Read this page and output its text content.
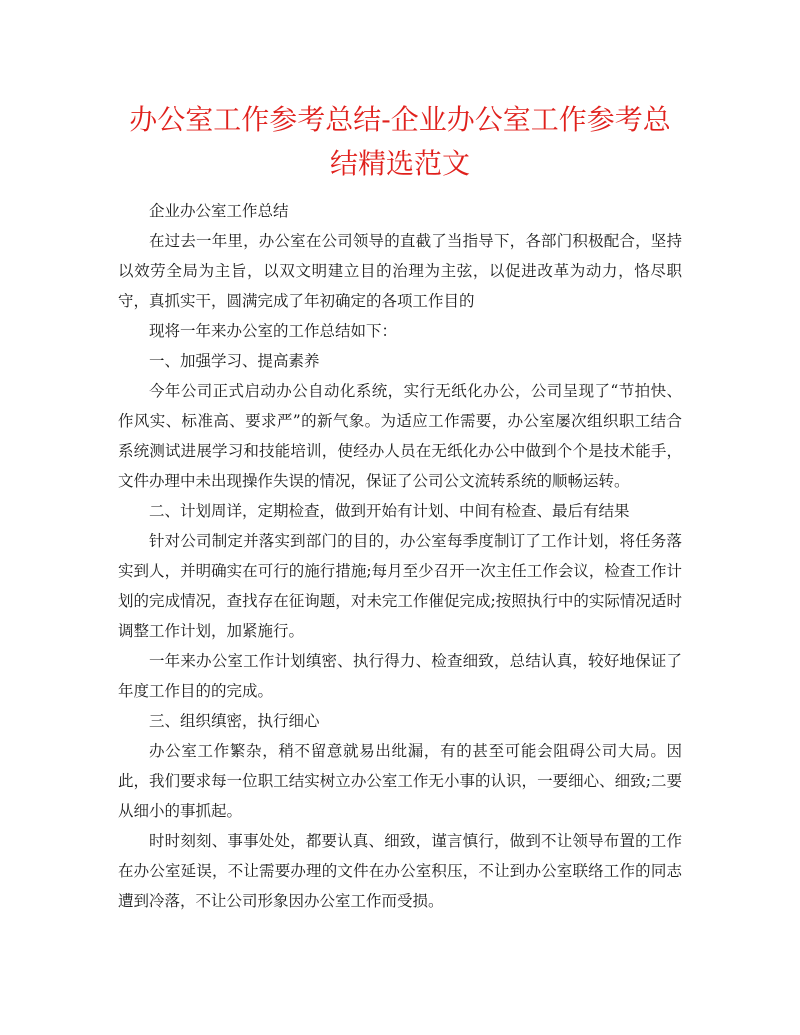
办公室工作参考总结-企业办公室工作参考总结精选范文

企业办公室工作总结

在过去一年里，办公室在公司领导的直截了当指导下，各部门积极配合，坚持以效劳全局为主旨，以双文明建立目的治理为主弦，以促进改革为动力，恪尽职守，真抓实干，圆满完成了年初确定的各项工作目的

现将一年来办公室的工作总结如下：

一、加强学习、提高素养

今年公司正式启动办公自动化系统，实行无纸化办公，公司呈现了“节拍快、作风实、标准高、要求严”的新气象。为适应工作需要，办公室屡次组织职工结合系统测试进展学习和技能培训，使经办人员在无纸化办公中做到个个是技术能手，文件办理中未出现操作失误的情况，保证了公司公文流转系统的顺畅运转。

二、计划周详，定期检查，做到开始有计划、中间有检查、最后有结果

针对公司制定并落实到部门的目的，办公室每季度制订了工作计划，将任务落实到人，并明确实在可行的施行措施;每月至少召开一次主任工作会议，检查工作计划的完成情况，查找存在征询题，对未完工作催促完成;按照执行中的实际情况适时调整工作计划，加紧施行。

一年来办公室工作计划缜密、执行得力、检查细致，总结认真，较好地保证了年度工作目的的完成。

三、组织缜密，执行细心

办公室工作繁杂，稍不留意就易出纰漏，有的甚至可能会阻碍公司大局。因此，我们要求每一位职工结实树立办公室工作无小事的认识，一要细心、细致;二要从细小的事抓起。

时时刻刻、事事处处，都要认真、细致，谨言慎行，做到不让领导布置的工作在办公室延误，不让需要办理的文件在办公室积压，不让到办公室联络工作的同志遭到冷落，不让公司形象因办公室工作而受损。
